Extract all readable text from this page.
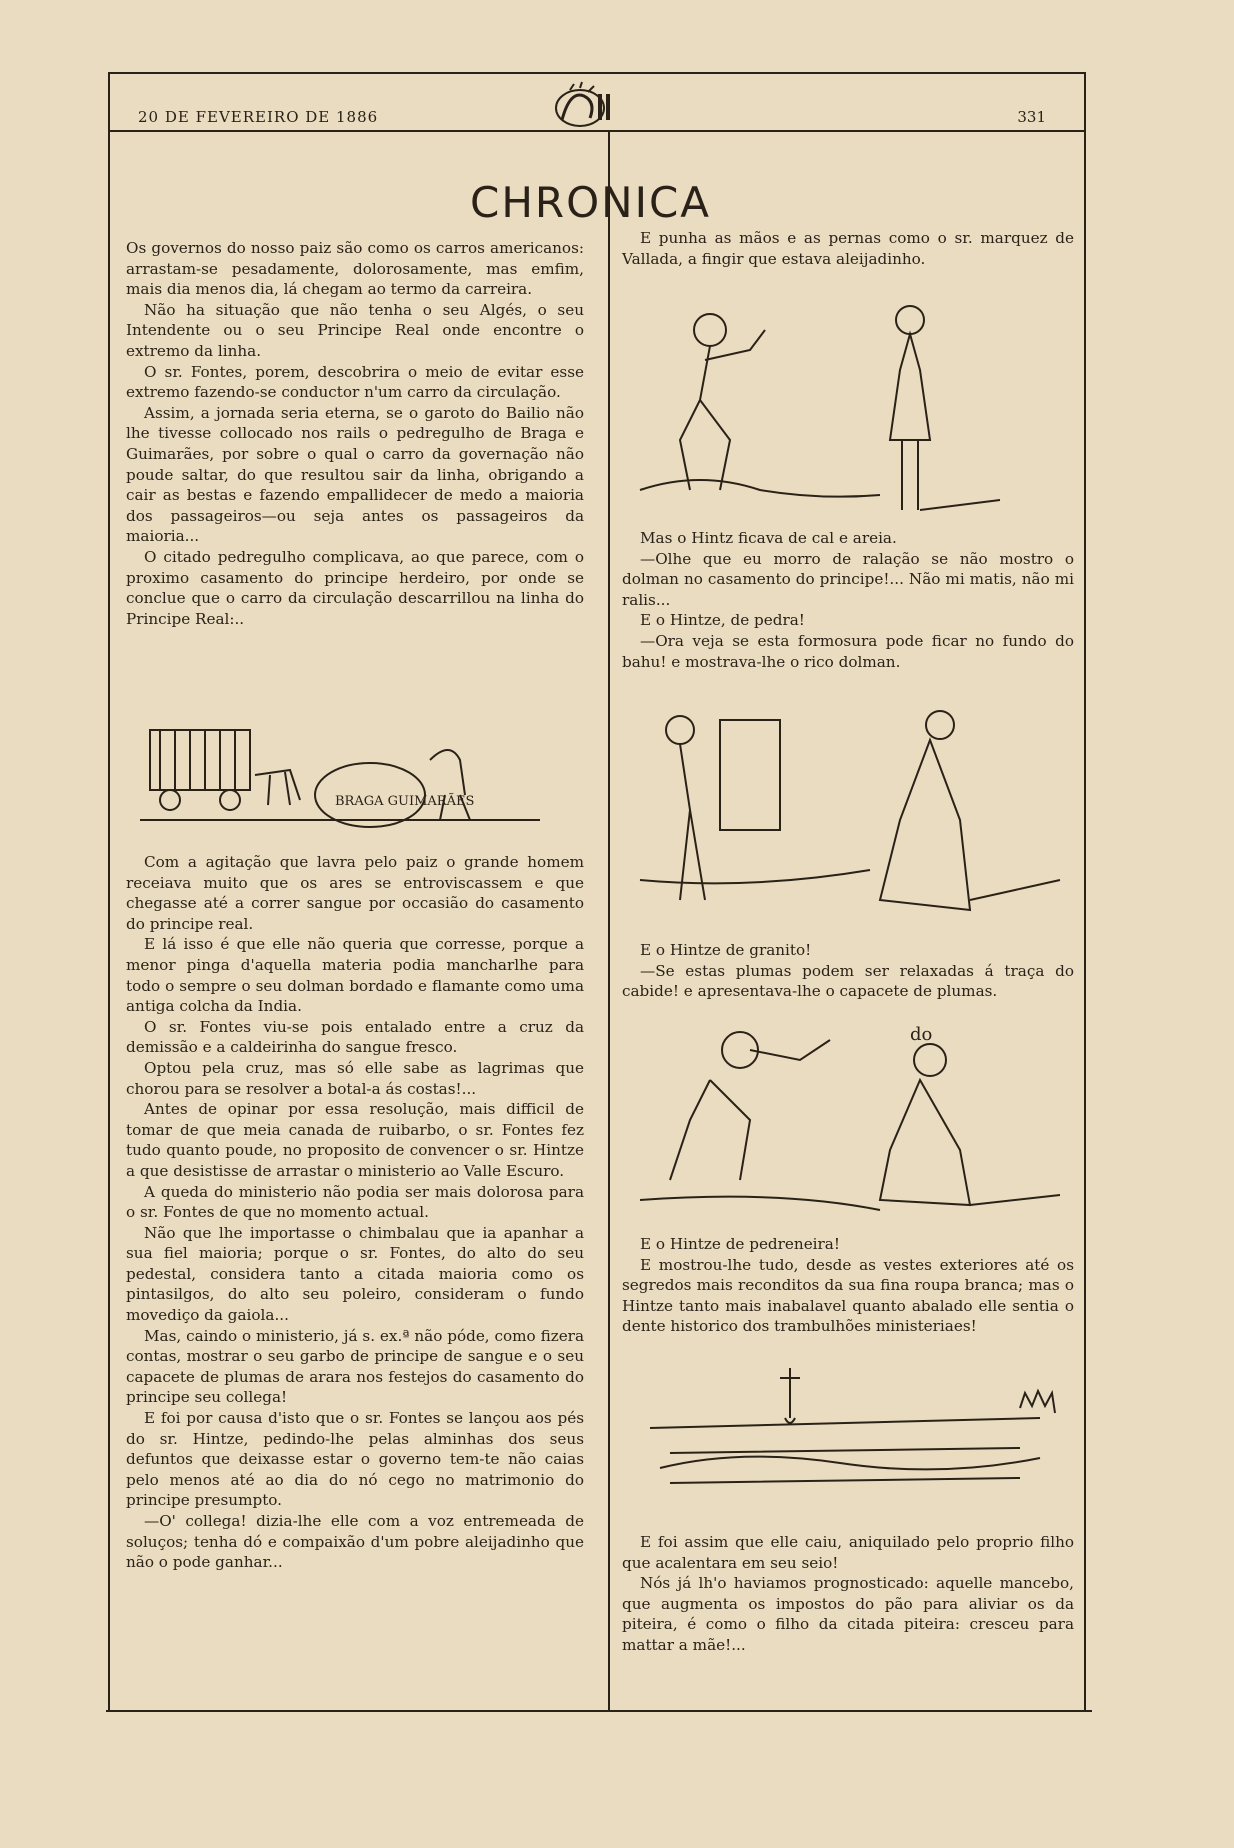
20 DE FEVEREIRO DE 1886	331
CHRONICA

Os governos do nosso paiz são como os carros americanos: arrastam-se pesadamente, dolorosamente, mas emfim, mais dia menos dia, lá chegam ao termo da carreira.

Não ha situação que não tenha o seu Algés, o seu Intendente ou o seu Principe Real onde encontre o extremo da linha.

O sr. Fontes, porem, descobrira o meio de evitar esse extremo fazendo-se conductor n'um carro da circulação.

Assim, a jornada seria eterna, se o garoto do Bailio não lhe tivesse collocado nos rails o pedregulho de Braga e Guimarães, por sobre o qual o carro da governação não poude saltar, do que resultou sair da linha, obrigando a cair as bestas e fazendo empallidecer de medo a maioria dos passageiros—ou seja antes os passageiros da maioria...

O citado pedregulho complicava, ao que parece, com o proximo casamento do principe herdeiro, por onde se conclue que o carro da circulação descarrillou na linha do Principe Real:..

BRAGA GUIMARÃES

Com a agitação que lavra pelo paiz o grande homem receiava muito que os ares se entroviscassem e que chegasse até a correr sangue por occasião do casamento do principe real.

E lá isso é que elle não queria que corresse, porque a menor pinga d'aquella materia podia mancharlhe para todo o sempre o seu dolman bordado e flamante como uma antiga colcha da India.

O sr. Fontes viu-se pois entalado entre a cruz da demissão e a caldeirinha do sangue fresco.

Optou pela cruz, mas só elle sabe as lagrimas que chorou para se resolver a botal-a ás costas!...

Antes de opinar por essa resolução, mais difficil de tomar de que meia canada de ruibarbo, o sr. Fontes fez tudo quanto poude, no proposito de convencer o sr. Hintze a que desistisse de arrastar o ministerio ao Valle Escuro.

A queda do ministerio não podia ser mais dolorosa para o sr. Fontes de que no momento actual.

Não que lhe importasse o chimbalau que ia apanhar a sua fiel maioria; porque o sr. Fontes, do alto do seu pedestal, considera tanto a citada maioria como os pintasilgos, do alto seu poleiro, consideram o fundo movediço da gaiola...

Mas, caindo o ministerio, já s. ex.ª não póde, como fizera contas, mostrar o seu garbo de principe de sangue e o seu capacete de plumas de arara nos festejos do casamento do principe seu collega!

E foi por causa d'isto que o sr. Fontes se lançou aos pés do sr. Hintze, pedindo-lhe pelas alminhas dos seus defuntos que deixasse estar o governo tem-te não caias pelo menos até ao dia do nó cego no matrimonio do principe presumpto.

—O' collega! dizia-lhe elle com a voz entremeada de soluços; tenha dó e compaixão d'um pobre aleijadinho que não o pode ganhar...

E punha as mãos e as pernas como o sr. marquez de Vallada, a fingir que estava aleijadinho.

Mas o Hintz ficava de cal e areia.

—Olhe que eu morro de ralação se não mostro o dolman no casamento do principe!... Não mi matis, não mi ralis...

E o Hintze, de pedra!

—Ora veja se esta formosura pode ficar no fundo do bahu! e mostrava-lhe o rico dolman.

E o Hintze de granito!

—Se estas plumas podem ser relaxadas á traça do cabide! e apresentava-lhe o capacete de plumas.

do

E o Hintze de pedreneira!

E mostrou-lhe tudo, desde as vestes exteriores até os segredos mais reconditos da sua fina roupa branca; mas o Hintze tanto mais inabalavel quanto abalado elle sentia o dente historico dos trambulhões ministeriaes!

E foi assim que elle caiu, aniquilado pelo proprio filho que acalentara em seu seio!

Nós já lh'o haviamos prognosticado: aquelle mancebo, que augmenta os impostos do pão para aliviar os da piteira, é como o filho da citada piteira: cresceu para mattar a mãe!...
